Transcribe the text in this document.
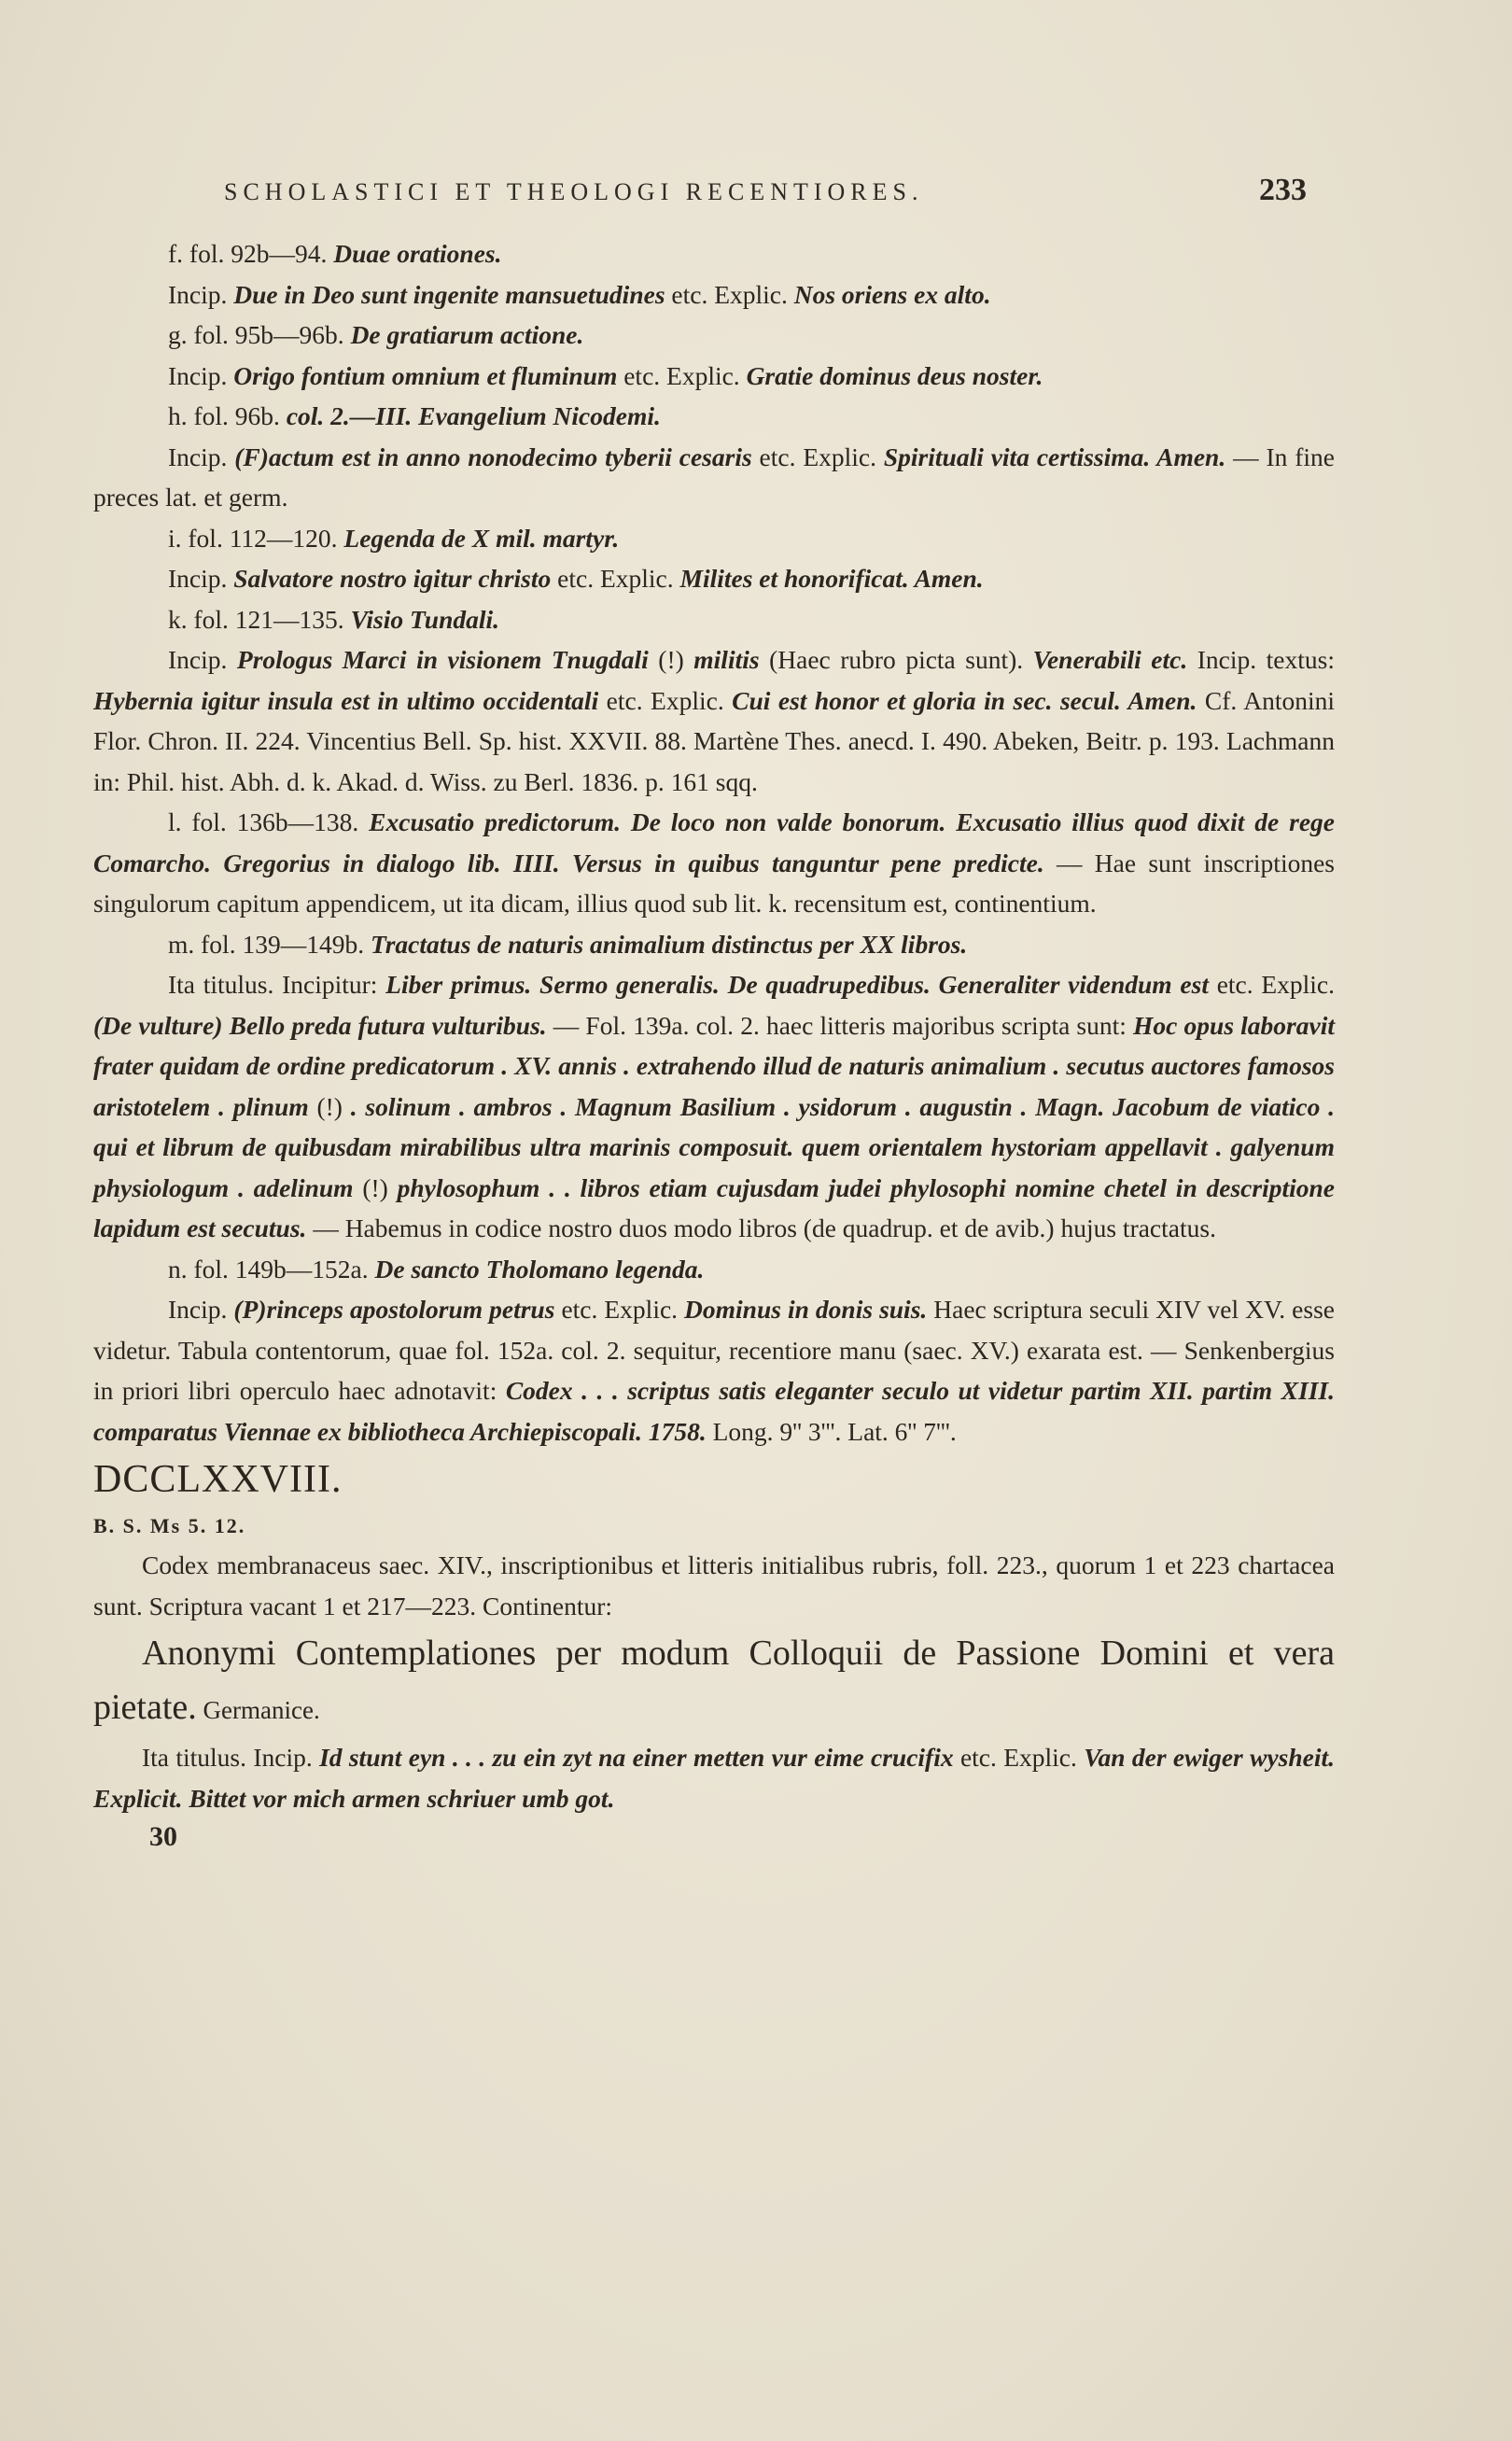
SCHOLASTICI ET THEOLOGI RECENTIORES.	233

f. fol. 92b—94. Duae orationes.

Incip. Due in Deo sunt ingenite mansuetudines etc. Explic. Nos oriens ex alto.

g. fol. 95b—96b. De gratiarum actione.

Incip. Origo fontium omnium et fluminum etc. Explic. Gratie dominus deus noster.

h. fol. 96b. col. 2.—III. Evangelium Nicodemi.

Incip. (F)actum est in anno nonodecimo tyberii cesaris etc. Explic. Spirituali vita certissima. Amen. — In fine preces lat. et germ.

i. fol. 112—120. Legenda de X mil. martyr.

Incip. Salvatore nostro igitur christo etc. Explic. Milites et honorificat. Amen.

k. fol. 121—135. Visio Tundali.

Incip. Prologus Marci in visionem Tnugdali (!) militis (Haec rubro picta sunt). Venerabili etc. Incip. textus: Hybernia igitur insula est in ultimo occidentali etc. Explic. Cui est honor et gloria in sec. secul. Amen. Cf. Antonini Flor. Chron. II. 224. Vincentius Bell. Sp. hist. XXVII. 88. Martène Thes. anecd. I. 490. Abeken, Beitr. p. 193. Lachmann in: Phil. hist. Abh. d. k. Akad. d. Wiss. zu Berl. 1836. p. 161 sqq.

l. fol. 136b—138. Excusatio predictorum. De loco non valde bonorum. Excusatio illius quod dixit de rege Comarcho. Gregorius in dialogo lib. IIII. Versus in quibus tanguntur pene predicte. — Hae sunt inscriptiones singulorum capitum appendicem, ut ita dicam, illius quod sub lit. k. recensitum est, continentium.

m. fol. 139—149b. Tractatus de naturis animalium distinctus per XX libros.

Ita titulus. Incipitur: Liber primus. Sermo generalis. De quadrupedibus. Generaliter videndum est etc. Explic. (De vulture) Bello preda futura vulturibus. — Fol. 139a. col. 2. haec litteris majoribus scripta sunt: Hoc opus laboravit frater quidam de ordine predicatorum . XV. annis . extrahendo illud de naturis animalium . secutus auctores famosos aristotelem . plinum (!) . solinum . ambros . Magnum Basilium . ysidorum . augustin . Magn. Jacobum de viatico . qui et librum de quibusdam mirabilibus ultra marinis composuit. quem orientalem hystoriam appellavit . galyenum physiologum . adelinum (!) phylosophum . . libros etiam cujusdam judei phylosophi nomine chetel in descriptione lapidum est secutus. — Habemus in codice nostro duos modo libros (de quadrup. et de avib.) hujus tractatus.

n. fol. 149b—152a. De sancto Tholomano legenda.

Incip. (P)rinceps apostolorum petrus etc. Explic. Dominus in donis suis. Haec scriptura seculi XIV vel XV. esse videtur. Tabula contentorum, quae fol. 152a. col. 2. sequitur, recentiore manu (saec. XV.) exarata est. — Senkenbergius in priori libri operculo haec adnotavit: Codex . . . scriptus satis eleganter seculo ut videtur partim XII. partim XIII. comparatus Viennae ex bibliotheca Archiepiscopali. 1758. Long. 9'' 3'''. Lat. 6'' 7'''.

DCCLXXVIII.

B. S. Ms 5. 12.

Codex membranaceus saec. XIV., inscriptionibus et litteris initialibus rubris, foll. 223., quorum 1 et 223 chartacea sunt. Scriptura vacant 1 et 217—223. Continentur:

Anonymi Contemplationes per modum Colloquii de Passione Domini et vera pietate. Germanice.

Ita titulus. Incip. Id stunt eyn . . . zu ein zyt na einer metten vur eime crucifix etc. Explic. Van der ewiger wysheit. Explicit. Bittet vor mich armen schriuer umb got.

30
